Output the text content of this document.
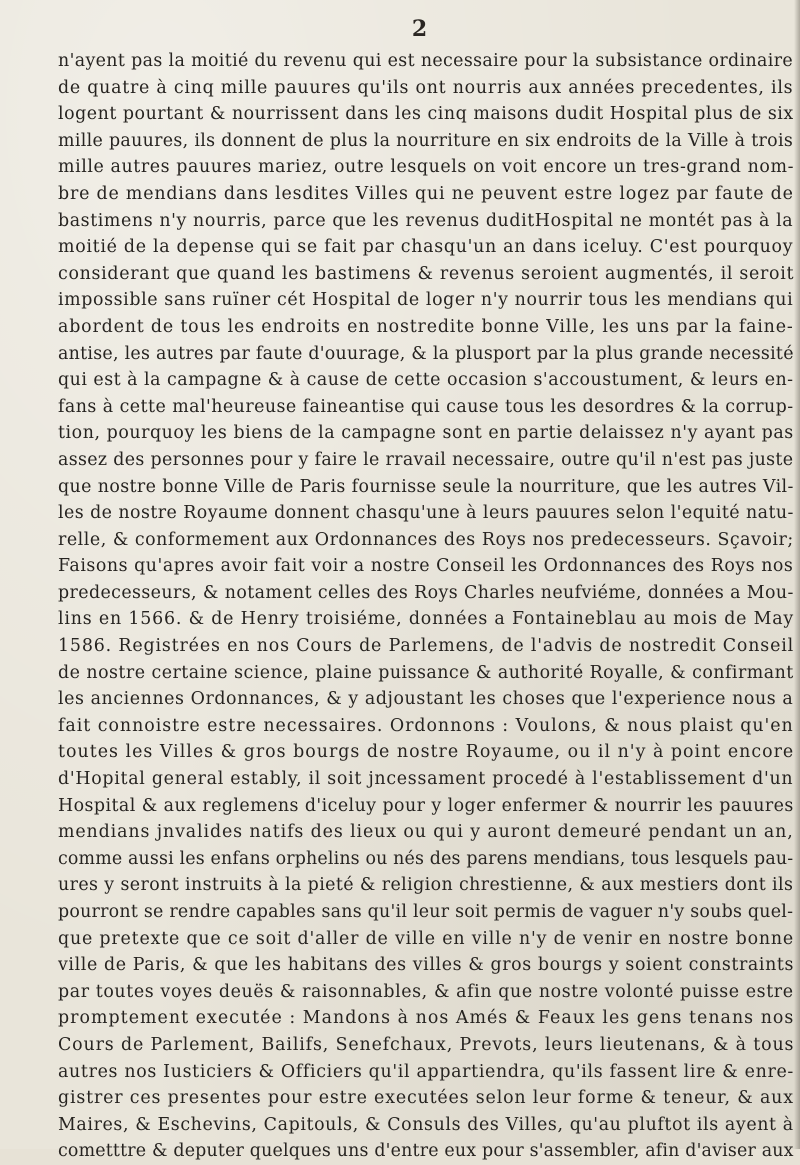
2
n'ayent pas la moitié du revenu qui est necessaire pour la subsistance ordinaire
de quatre à cinq mille pauures qu'ils ont nourris aux années precedentes, ils
logent pourtant & nourrissent dans les cinq maisons dudit Hospital plus de six
mille pauures, ils donnent de plus la nourriture en six endroits de la Ville à trois
mille autres pauures mariez, outre lesquels on voit encore un tres-grand nom-
bre de mendians dans lesdites Villes qui ne peuvent estre logez par faute de
bastimens n'y nourris, parce que les revenus duditHospital ne montét pas à la
moitié de la depense qui se fait par chasqu'un an dans iceluy. C'est pourquoy
considerant que quand les bastimens & revenus seroient augmentés, il seroit
impossible sans ruïner cét Hospital de loger n'y nourrir tous les mendians qui
abordent de tous les endroits en nostredite bonne Ville, les uns par la faine-
antise, les autres par faute d'ouurage, & la plusport par la plus grande necessité
qui est à la campagne & à cause de cette occasion s'accoustument, & leurs en-
fans à cette mal'heureuse faineantise qui cause tous les desordres & la corrup-
tion, pourquoy les biens de la campagne sont en partie delaissez n'y ayant pas
assez des personnes pour y faire le rravail necessaire, outre qu'il n'est pas juste
que nostre bonne Ville de Paris fournisse seule la nourriture, que les autres Vil-
les de nostre Royaume donnent chasqu'une à leurs pauures selon l'equité natu-
relle, & conformement aux Ordonnances des Roys nos predecesseurs. Sçavoir;
Faisons qu'apres avoir fait voir a nostre Conseil les Ordonnances des Roys nos
predecesseurs, & notament celles des Roys Charles neufviéme, données a Mou-
lins en 1566. & de Henry troisiéme, données a Fontaineblau au mois de May
1586. Registrées en nos Cours de Parlemens, de l'advis de nostredit Conseil
de nostre certaine science, plaine puissance & authorité Royalle, & confirmant
les anciennes Ordonnances, & y adjoustant les choses que l'experience nous a
fait connoistre estre necessaires. Ordonnons : Voulons, & nous plaist qu'en
toutes les Villes & gros bourgs de nostre Royaume, ou il n'y à point encore
d'Hopital general estably, il soit jncessament procedé à l'establissement d'un
Hospital & aux reglemens d'iceluy pour y loger enfermer & nourrir les pauures
mendians jnvalides natifs des lieux ou qui y auront demeuré pendant un an,
comme aussi les enfans orphelins ou nés des parens mendians, tous lesquels pau-
ures y seront instruits à la pieté & religion chrestienne, & aux mestiers dont ils
pourront se rendre capables sans qu'il leur soit permis de vaguer n'y soubs quel-
que pretexte que ce soit d'aller de ville en ville n'y de venir en nostre bonne
ville de Paris, & que les habitans des villes & gros bourgs y soient constraints
par toutes voyes deuës & raisonnables, & afin que nostre volonté puisse estre
promptement executée : Mandons à nos Amés & Feaux les gens tenans nos
Cours de Parlement, Bailifs, Senefchaux, Prevots, leurs lieutenans, & à tous
autres nos Iusticiers & Officiers qu'il appartiendra, qu'ils fassent lire & enre-
gistrer ces presentes pour estre executées selon leur forme & teneur, & aux
Maires, & Eschevins, Capitouls, & Consuls des Villes, qu'au pluftot ils ayent à
cometttre & deputer quelques uns d'entre eux pour s'assembler, afin d'aviser aux
